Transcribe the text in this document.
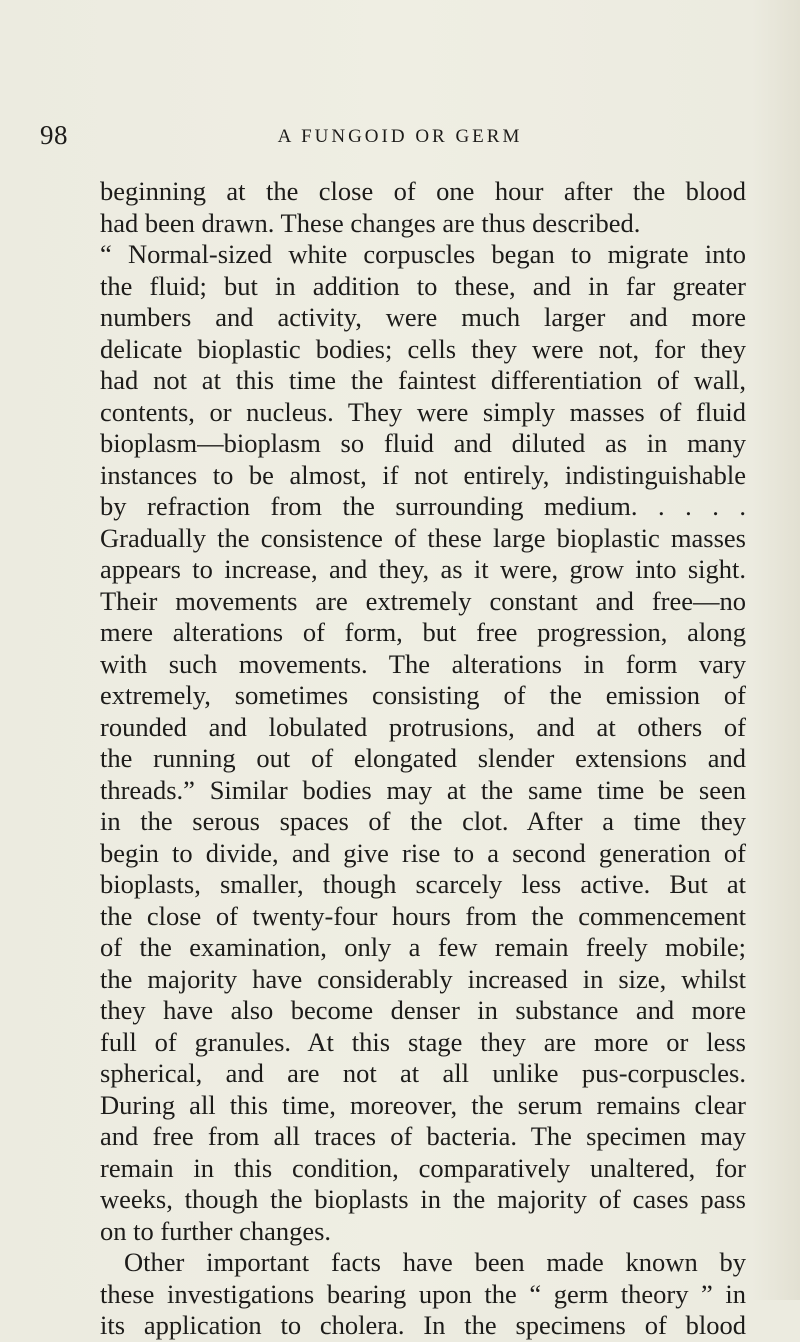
98	A FUNGOID OR GERM
beginning at the close of one hour after the blood
had been drawn. These changes are thus described.
“ Normal-sized white corpuscles began to migrate into
the fluid; but in addition to these, and in far greater
numbers and activity, were much larger and more
delicate bioplastic bodies; cells they were not, for they
had not at this time the faintest differentiation of wall,
contents, or nucleus. They were simply masses of fluid
bioplasm—bioplasm so fluid and diluted as in many
instances to be almost, if not entirely, indistinguishable
by refraction from the surrounding medium. . . . .
Gradually the consistence of these large bioplastic masses
appears to increase, and they, as it were, grow into sight.
Their movements are extremely constant and free—no
mere alterations of form, but free progression, along
with such movements. The alterations in form vary
extremely, sometimes consisting of the emission of
rounded and lobulated protrusions, and at others of
the running out of elongated slender extensions and
threads.” Similar bodies may at the same time be seen
in the serous spaces of the clot. After a time they
begin to divide, and give rise to a second generation of
bioplasts, smaller, though scarcely less active. But at
the close of twenty-four hours from the commencement
of the examination, only a few remain freely mobile;
the majority have considerably increased in size, whilst
they have also become denser in substance and more
full of granules. At this stage they are more or less
spherical, and are not at all unlike pus-corpuscles.
During all this time, moreover, the serum remains clear
and free from all traces of bacteria. The specimen may
remain in this condition, comparatively unaltered, for
weeks, though the bioplasts in the majority of cases pass
on to further changes.
Other important facts have been made known by
these investigations bearing upon the “ germ theory ” in
its application to cholera. In the specimens of blood
